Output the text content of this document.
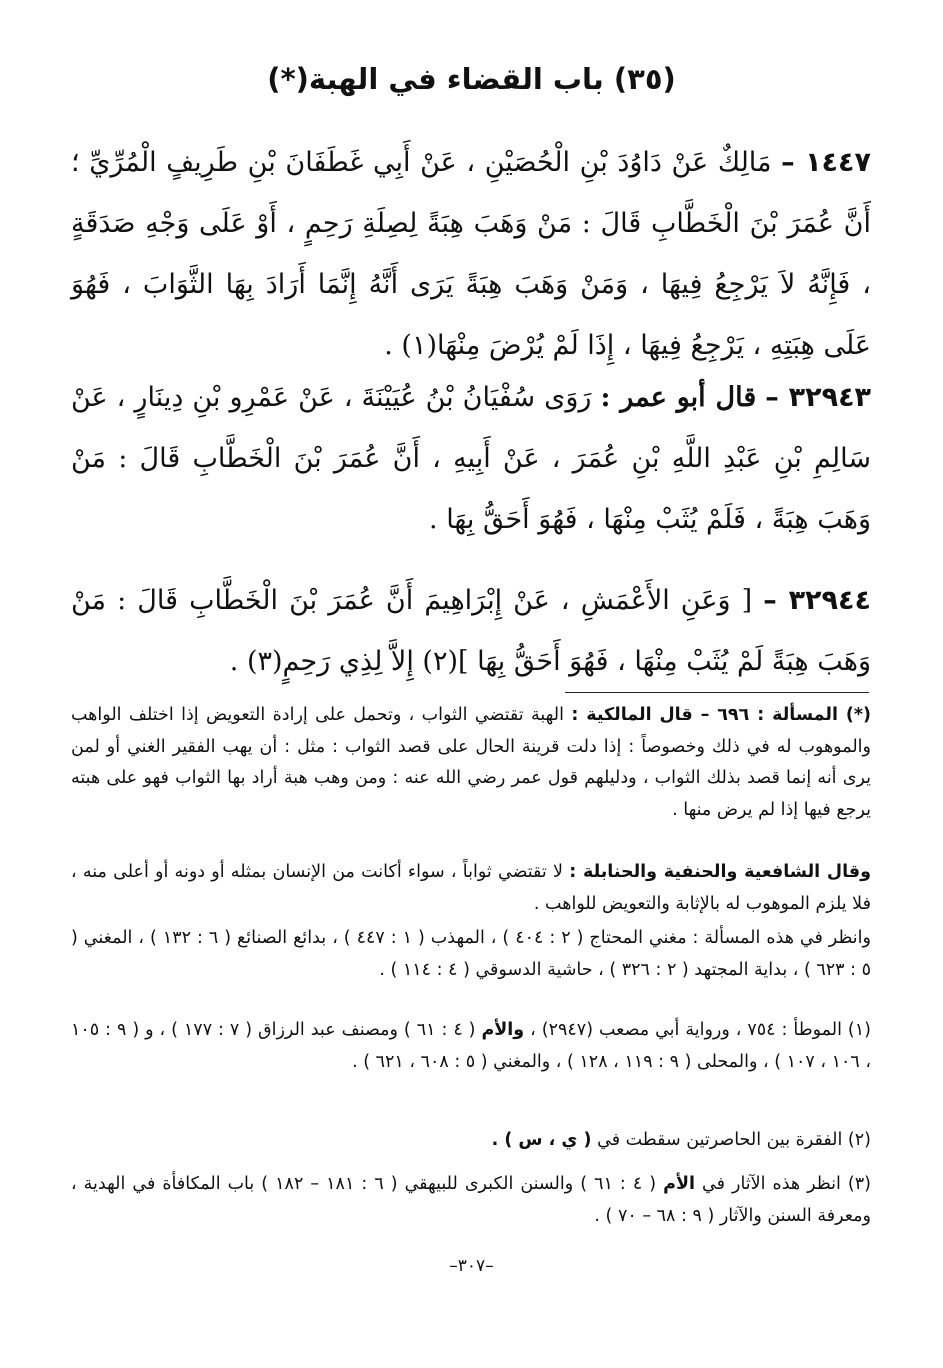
(٣٥) باب القضاء في الهبة(*)
١٤٤٧ – مَالِكٌ عَنْ دَاوُدَ بْنِ الْحُصَيْنِ ، عَنْ أَبِي غَطَفَانَ بْنِ طَرِيفٍ الْمُرِّيِّ ؛ أَنَّ عُمَرَ بْنَ الْخَطَّابِ قَالَ : مَنْ وَهَبَ هِبَةً لِصِلَةِ رَحِمٍ ، أَوْ عَلَى وَجْهِ صَدَقَةٍ ، فَإِنَّهُ لاَ يَرْجِعُ فِيهَا ، وَمَنْ وَهَبَ هِبَةً يَرَى أَنَّهُ إِنَّمَا أَرَادَ بِهَا الثَّوَابَ ، فَهُوَ عَلَى هِبَتِهِ ، يَرْجِعُ فِيهَا ، إِذَا لَمْ يُرْضَ مِنْهَا(١) .
٣٢٩٤٣ – قال أبو عمر : رَوَى سُفْيَانُ بْنُ عُيَيْنَةَ ، عَنْ عَمْرِو بْنِ دِينَارٍ ، عَنْ سَالِمِ بْنِ عَبْدِ اللَّهِ بْنِ عُمَرَ ، عَنْ أَبِيهِ ، أَنَّ عُمَرَ بْنَ الْخَطَّابِ قَالَ : مَنْ وَهَبَ هِبَةً ، فَلَمْ يُثَبْ مِنْهَا ، فَهُوَ أَحَقُّ بِهَا .
٣٢٩٤٤ – [ وَعَنِ الأَعْمَشِ ، عَنْ إِبْرَاهِيمَ أَنَّ عُمَرَ بْنَ الْخَطَّابِ قَالَ : مَنْ وَهَبَ هِبَةً لَمْ يُثَبْ مِنْهَا ، فَهُوَ أَحَقُّ بِهَا ](٢) إِلاَّ لِذِي رَحِمٍ(٣) .
(*) المسألة : ٦٩٦ – قال المالكية : الهبة تقتضي الثواب ، وتحمل على إرادة التعويض إذا اختلف الواهب والموهوب له في ذلك وخصوصاً : إذا دلت قرينة الحال على قصد الثواب : مثل : أن يهب الفقير الغني أو لمن يرى أنه إنما قصد بذلك الثواب ، ودليلهم قول عمر رضي الله عنه : ومن وهب هبة أراد بها الثواب فهو على هبته يرجع فيها إذا لم يرض منها .
وقال الشافعية والحنفية والحنابلة : لا تقتضي ثواباً ، سواء أكانت من الإنسان بمثله أو دونه أو أعلى منه ، فلا يلزم الموهوب له بالإثابة والتعويض للواهب .
وانظر في هذه المسألة : مغني المحتاج ( ٢ : ٤٠٤ ) ، المهذب ( ١ : ٤٤٧ ) ، بدائع الصنائع ( ٦ : ١٣٢ ) ، المغني ( ٥ : ٦٢٣ ) ، بداية المجتهد ( ٢ : ٣٢٦ ) ، حاشية الدسوقي ( ٤ : ١١٤ ) .
(١) الموطأ : ٧٥٤ ، ورواية أبي مصعب (٢٩٤٧) ، والأم ( ٤ : ٦١ ) ومصنف عبد الرزاق ( ٧ : ١٧٧ ) ، و ( ٩ : ١٠٥ ، ١٠٦ ، ١٠٧ ) ، والمحلى ( ٩ : ١١٩ ، ١٢٨ ) ، والمغني ( ٥ : ٦٠٨ ، ٦٢١ ) .
(٢) الفقرة بين الحاصرتين سقطت في ( ي ، س ) .
(٣) انظر هذه الآثار في الأم ( ٤ : ٦١ ) والسنن الكبرى للبيهقي ( ٦ : ١٨١ – ١٨٢ ) باب المكافأة في الهدية ، ومعرفة السنن والآثار ( ٩ : ٦٨ – ٧٠ ) .
–٣٠٧–
